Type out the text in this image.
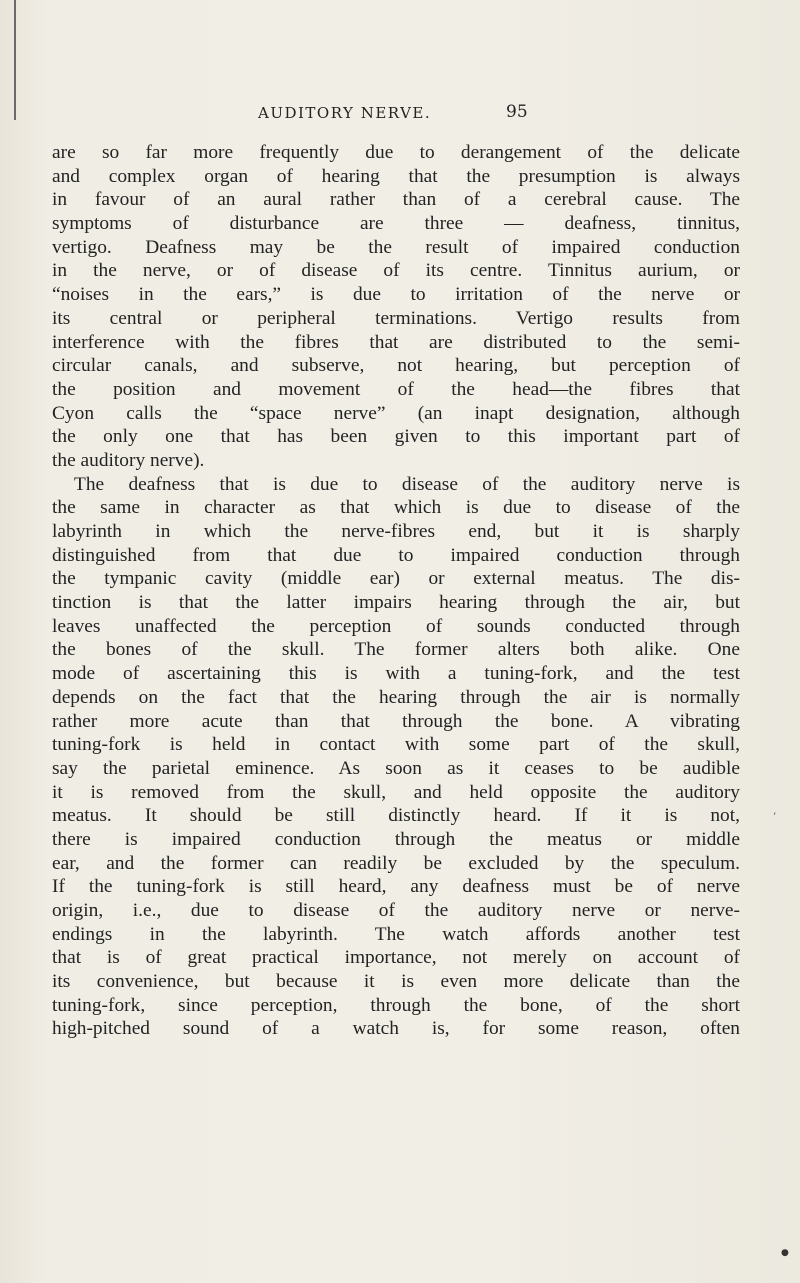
AUDITORY NERVE.	95
are so far more frequently due to derangement of the delicate
and complex organ of hearing that the presumption is always
in favour of an aural rather than of a cerebral cause. The
symptoms of disturbance are three — deafness, tinnitus,
vertigo. Deafness may be the result of impaired conduction
in the nerve, or of disease of its centre. Tinnitus aurium, or
“noises in the ears,” is due to irritation of the nerve or
its central or peripheral terminations. Vertigo results from
interference with the fibres that are distributed to the semi-
circular canals, and subserve, not hearing, but perception of
the position and movement of the head—the fibres that
Cyon calls the “space nerve” (an inapt designation, although
the only one that has been given to this important part of
the auditory nerve).
The deafness that is due to disease of the auditory nerve is
the same in character as that which is due to disease of the
labyrinth in which the nerve-fibres end, but it is sharply
distinguished from that due to impaired conduction through
the tympanic cavity (middle ear) or external meatus. The dis-
tinction is that the latter impairs hearing through the air, but
leaves unaffected the perception of sounds conducted through
the bones of the skull. The former alters both alike. One
mode of ascertaining this is with a tuning-fork, and the test
depends on the fact that the hearing through the air is normally
rather more acute than that through the bone. A vibrating
tuning-fork is held in contact with some part of the skull,
say the parietal eminence. As soon as it ceases to be audible
it is removed from the skull, and held opposite the auditory
meatus. It should be still distinctly heard. If it is not,
there is impaired conduction through the meatus or middle
ear, and the former can readily be excluded by the speculum.
If the tuning-fork is still heard, any deafness must be of nerve
origin, i.e., due to disease of the auditory nerve or nerve-
endings in the labyrinth. The watch affords another test
that is of great practical importance, not merely on account of
its convenience, but because it is even more delicate than the
tuning-fork, since perception, through the bone, of the short
high-pitched sound of a watch is, for some reason, often
’
●
